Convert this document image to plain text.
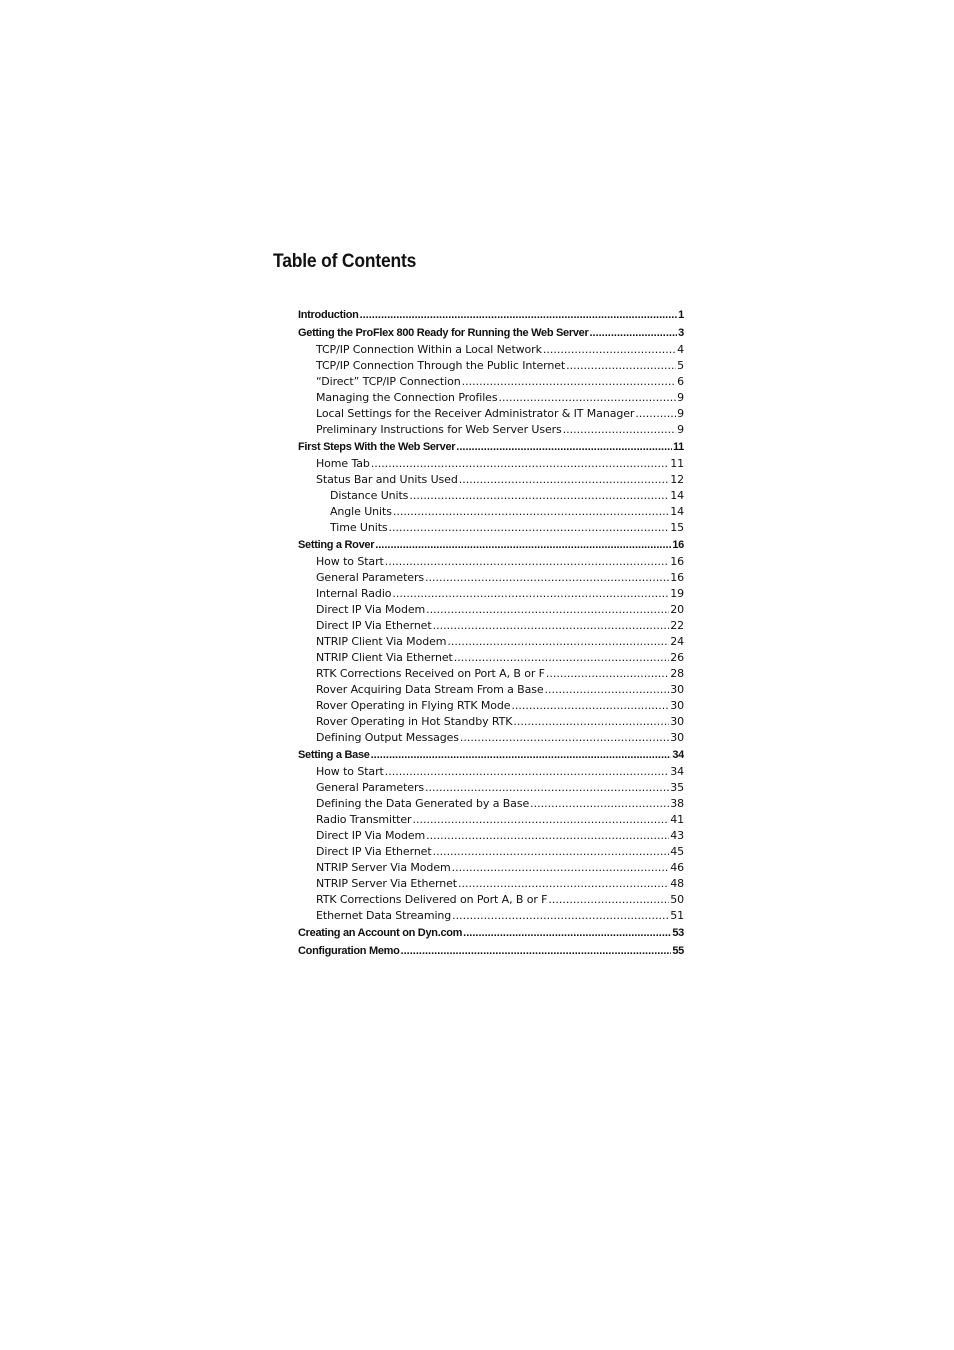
Table of Contents
Introduction .....	1
Getting the ProFlex 800 Ready for Running the Web Server .....	3
TCP/IP Connection Within a Local Network .....	4
TCP/IP Connection Through the Public Internet .....	5
“Direct” TCP/IP Connection .....	6
Managing the Connection Profiles .....	9
Local Settings for the Receiver Administrator & IT Manager .....	9
Preliminary Instructions for Web Server Users .....	9
First Steps With the Web Server .....	11
Home Tab .....	11
Status Bar and Units Used .....	12
Distance Units .....	14
Angle Units .....	14
Time Units .....	15
Setting a Rover .....	16
How to Start .....	16
General Parameters .....	16
Internal Radio .....	19
Direct IP Via Modem .....	20
Direct IP Via Ethernet .....	22
NTRIP Client Via Modem .....	24
NTRIP Client Via Ethernet .....	26
RTK Corrections Received on Port A, B or F .....	28
Rover Acquiring Data Stream From a Base .....	30
Rover Operating in Flying RTK Mode .....	30
Rover Operating in Hot Standby RTK .....	30
Defining Output Messages .....	30
Setting a Base .....	34
How to Start .....	34
General Parameters .....	35
Defining the Data Generated by a Base .....	38
Radio Transmitter .....	41
Direct IP Via Modem .....	43
Direct IP Via Ethernet .....	45
NTRIP Server Via Modem .....	46
NTRIP Server Via Ethernet .....	48
RTK Corrections Delivered on Port A, B or F .....	50
Ethernet Data Streaming .....	51
Creating an Account on Dyn.com .....	53
Configuration Memo .....	55
